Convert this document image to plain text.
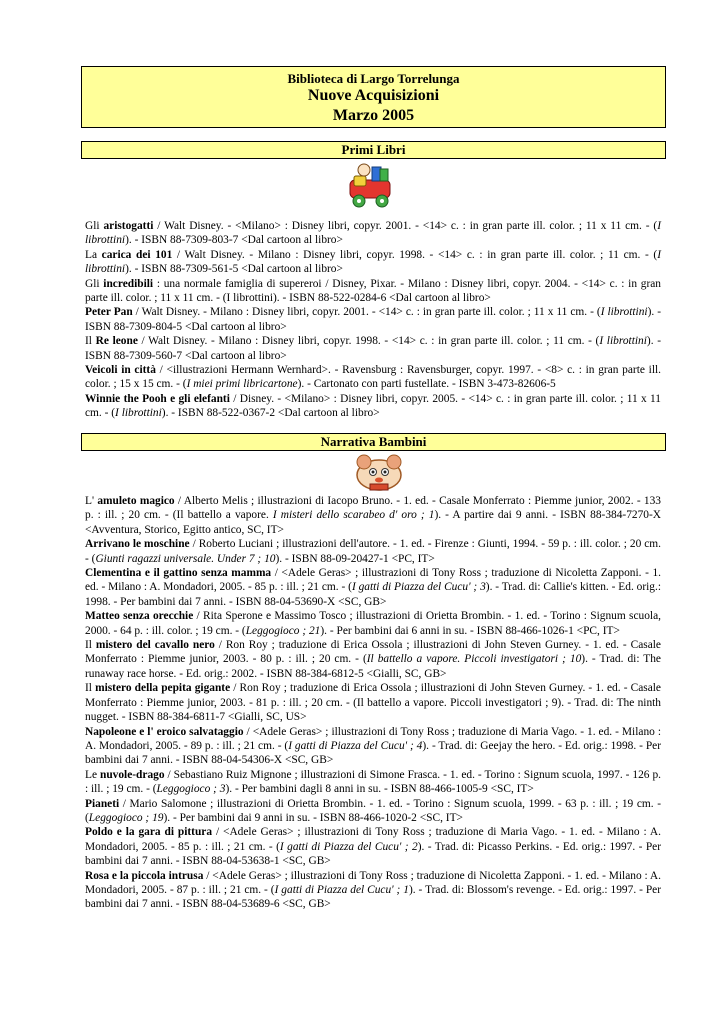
Biblioteca di Largo Torrelunga
Nuove Acquisizioni
Marzo 2005
Primi Libri

Gli aristogatti / Walt Disney. - <Milano> : Disney libri, copyr. 2001. - <14> c. : in gran parte ill. color. ; 11 x 11 cm. - (I librottini). - ISBN 88-7309-803-7 <Dal cartoon al libro>

La carica dei 101 / Walt Disney. - Milano : Disney libri, copyr. 1998. - <14> c. : in gran parte ill. color. ; 11 cm. - (I librottini). - ISBN 88-7309-561-5 <Dal cartoon al libro>

Gli incredibili : una normale famiglia di supereroi / Disney, Pixar. - Milano : Disney libri, copyr. 2004. - <14> c. : in gran parte ill. color. ; 11 x 11 cm. - (I librottini). - ISBN 88-522-0284-6 <Dal cartoon al libro>

Peter Pan / Walt Disney. - Milano : Disney libri, copyr. 2001. - <14> c. : in gran parte ill. color. ; 11 x 11 cm. - (I librottini). - ISBN 88-7309-804-5 <Dal cartoon al libro>

Il Re leone / Walt Disney. - Milano : Disney libri, copyr. 1998. - <14> c. : in gran parte ill. color. ; 11 cm. - (I librottini). - ISBN 88-7309-560-7 <Dal cartoon al libro>

Veicoli in città / <illustrazioni Hermann Wernhard>. - Ravensburg : Ravensburger, copyr. 1997. - <8> c. : in gran parte ill. color. ; 15 x 15 cm. - (I miei primi libricartone). - Cartonato con parti fustellate. - ISBN 3-473-82606-5

Winnie the Pooh e gli elefanti / Disney. - <Milano> : Disney libri, copyr. 2005. - <14> c. : in gran parte ill. color. ; 11 x 11 cm. - (I librottini). - ISBN 88-522-0367-2 <Dal cartoon al libro>

Narrativa Bambini

L' amuleto magico / Alberto Melis ; illustrazioni di Iacopo Bruno. - 1. ed. - Casale Monferrato : Piemme junior, 2002. - 133 p. : ill. ; 20 cm. - (Il battello a vapore. I misteri dello scarabeo d' oro ; 1). - A partire dai 9 anni. - ISBN 88-384-7270-X <Avventura, Storico, Egitto antico, SC, IT>

Arrivano le moschine / Roberto Luciani ; illustrazioni dell'autore. - 1. ed. - Firenze : Giunti, 1994. - 59 p. : ill. color. ; 20 cm. - (Giunti ragazzi universale. Under 7 ; 10). - ISBN 88-09-20427-1 <PC, IT>

Clementina e il gattino senza mamma / <Adele Geras> ; illustrazioni di Tony Ross ; traduzione di Nicoletta Zapponi. - 1. ed. - Milano : A. Mondadori, 2005. - 85 p. : ill. ; 21 cm. - (I gatti di Piazza del Cucu' ; 3). - Trad. di: Callie's kitten. - Ed. orig.: 1998. - Per bambini dai 7 anni. - ISBN 88-04-53690-X <SC, GB>

Matteo senza orecchie / Rita Sperone e Massimo Tosco ; illustrazioni di Orietta Brombin. - 1. ed. - Torino : Signum scuola, 2000. - 64 p. : ill. color. ; 19 cm. - (Leggogioco ; 21). - Per bambini dai 6 anni in su. - ISBN 88-466-1026-1 <PC, IT>

Il mistero del cavallo nero / Ron Roy ; traduzione di Erica Ossola ; illustrazioni di John Steven Gurney. - 1. ed. - Casale Monferrato : Piemme junior, 2003. - 80 p. : ill. ; 20 cm. - (Il battello a vapore. Piccoli investigatori ; 10). - Trad. di: The runaway race horse. - Ed. orig.: 2002. - ISBN 88-384-6812-5 <Gialli, SC, GB>

Il mistero della pepita gigante / Ron Roy ; traduzione di Erica Ossola ; illustrazioni di John Steven Gurney. - 1. ed. - Casale Monferrato : Piemme junior, 2003. - 81 p. : ill. ; 20 cm. - (Il battello a vapore. Piccoli investigatori ; 9). - Trad. di: The ninth nugget. - ISBN 88-384-6811-7 <Gialli, SC, US>

Napoleone e l' eroico salvataggio / <Adele Geras> ; illustrazioni di Tony Ross ; traduzione di Maria Vago. - 1. ed. - Milano : A. Mondadori, 2005. - 89 p. : ill. ; 21 cm. - (I gatti di Piazza del Cucu' ; 4). - Trad. di: Geejay the hero. - Ed. orig.: 1998. - Per bambini dai 7 anni. - ISBN 88-04-54306-X <SC, GB>

Le nuvole-drago / Sebastiano Ruiz Mignone ; illustrazioni di Simone Frasca. - 1. ed. - Torino : Signum scuola, 1997. - 126 p. : ill. ; 19 cm. - (Leggogioco ; 3). - Per bambini dagli 8 anni in su. - ISBN 88-466-1005-9 <SC, IT>

Pianeti / Mario Salomone ; illustrazioni di Orietta Brombin. - 1. ed. - Torino : Signum scuola, 1999. - 63 p. : ill. ; 19 cm. - (Leggogioco ; 19). - Per bambini dai 9 anni in su. - ISBN 88-466-1020-2 <SC, IT>

Poldo e la gara di pittura / <Adele Geras> ; illustrazioni di Tony Ross ; traduzione di Maria Vago. - 1. ed. - Milano : A. Mondadori, 2005. - 85 p. : ill. ; 21 cm. - (I gatti di Piazza del Cucu' ; 2). - Trad. di: Picasso Perkins. - Ed. orig.: 1997. - Per bambini dai 7 anni. - ISBN 88-04-53638-1 <SC, GB>

Rosa e la piccola intrusa / <Adele Geras> ; illustrazioni di Tony Ross ; traduzione di Nicoletta Zapponi. - 1. ed. - Milano : A. Mondadori, 2005. - 87 p. : ill. ; 21 cm. - (I gatti di Piazza del Cucu' ; 1). - Trad. di: Blossom's revenge. - Ed. orig.: 1997. - Per bambini dai 7 anni. - ISBN 88-04-53689-6 <SC, GB>
